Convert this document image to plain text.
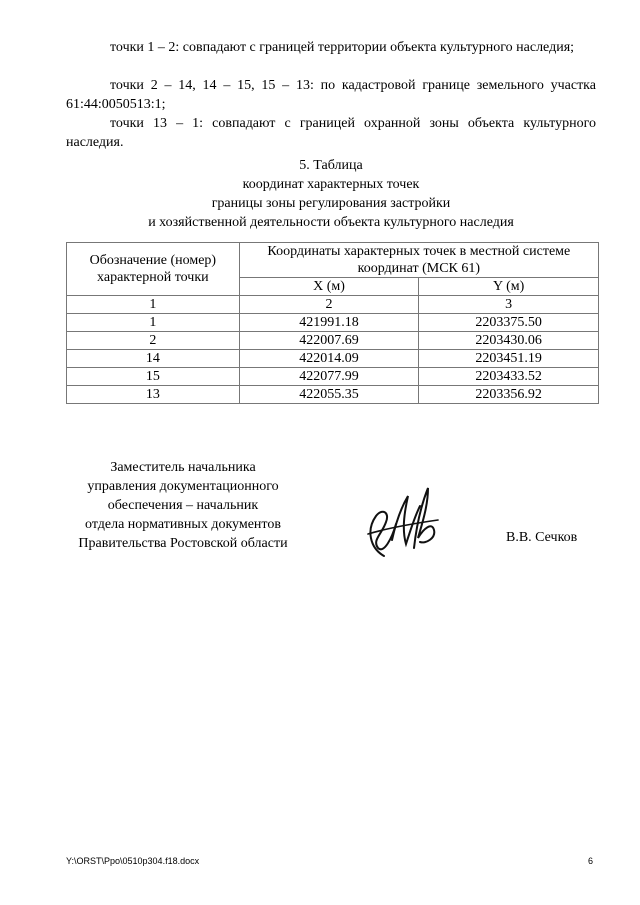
точки 1 – 2: совпадают с границей территории объекта культурного наследия;
точки 2 – 14, 14 – 15, 15 – 13: по кадастровой границе земельного участка 61:44:0050513:1;
точки 13 – 1: совпадают с границей охранной зоны объекта культурного наследия.
5. Таблица
координат характерных точек
границы зоны регулирования застройки
и хозяйственной деятельности объекта культурного наследия
Обозначение (номер) характерной точки	Координаты характерных точек в местной системе координат (МСК 61)	
	X (м)	Y (м)
1	2	3
1	421991.18	2203375.50
2	422007.69	2203430.06
14	422014.09	2203451.19
15	422077.99	2203433.52
13	422055.35	2203356.92
Заместитель начальника
управления документационного
обеспечения – начальник
отдела нормативных документов
Правительства Ростовской области	В.В. Сечков
Y:\ORST\Ppo\0510p304.f18.docx	6
